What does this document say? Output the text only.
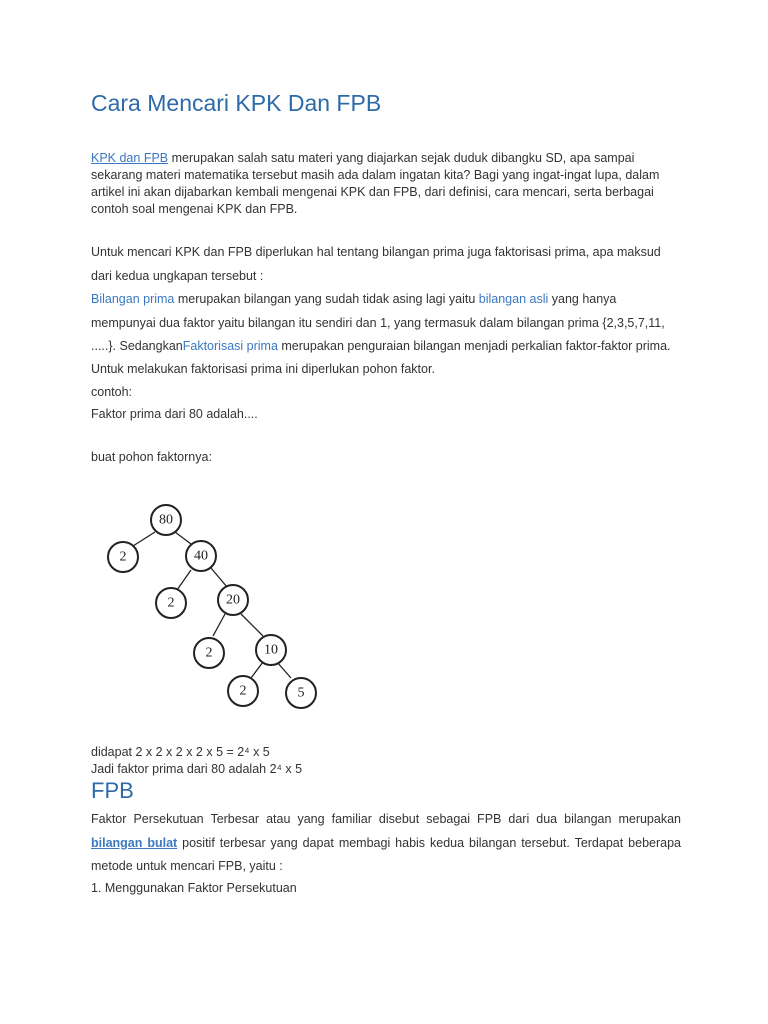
Cara Mencari KPK Dan FPB

KPK dan FPB merupakan salah satu materi yang diajarkan sejak duduk dibangku SD, apa sampai sekarang materi matematika tersebut masih ada dalam ingatan kita? Bagi yang ingat-ingat lupa, dalam artikel ini akan dijabarkan kembali mengenai KPK dan FPB, dari definisi, cara mencari, serta berbagai contoh soal mengenai KPK dan FPB.

Untuk mencari KPK dan FPB diperlukan hal tentang bilangan prima juga faktorisasi prima, apa maksud dari kedua ungkapan tersebut :

Bilangan prima merupakan bilangan yang sudah tidak asing lagi yaitu bilangan asli yang hanya mempunyai dua faktor yaitu bilangan itu sendiri dan 1, yang termasuk dalam bilangan prima {2,3,5,7,11, .....}. SedangkanFaktorisasi prima merupakan penguraian bilangan menjadi perkalian faktor-faktor prima.

Untuk melakukan faktorisasi prima ini diperlukan pohon faktor.

contoh:

Faktor prima dari 80 adalah....

buat pohon faktornya:

80
2	40
2	20
2	10
2	5

didapat 2 x 2 x 2 x 2 x 5 = 2⁴ x 5

Jadi faktor prima dari 80 adalah 2⁴ x 5

FPB

Faktor Persekutuan Terbesar atau yang familiar disebut sebagai FPB dari dua bilangan merupakan bilangan bulat positif terbesar yang dapat membagi habis kedua bilangan tersebut. Terdapat beberapa metode untuk mencari FPB, yaitu :

1. Menggunakan Faktor Persekutuan
